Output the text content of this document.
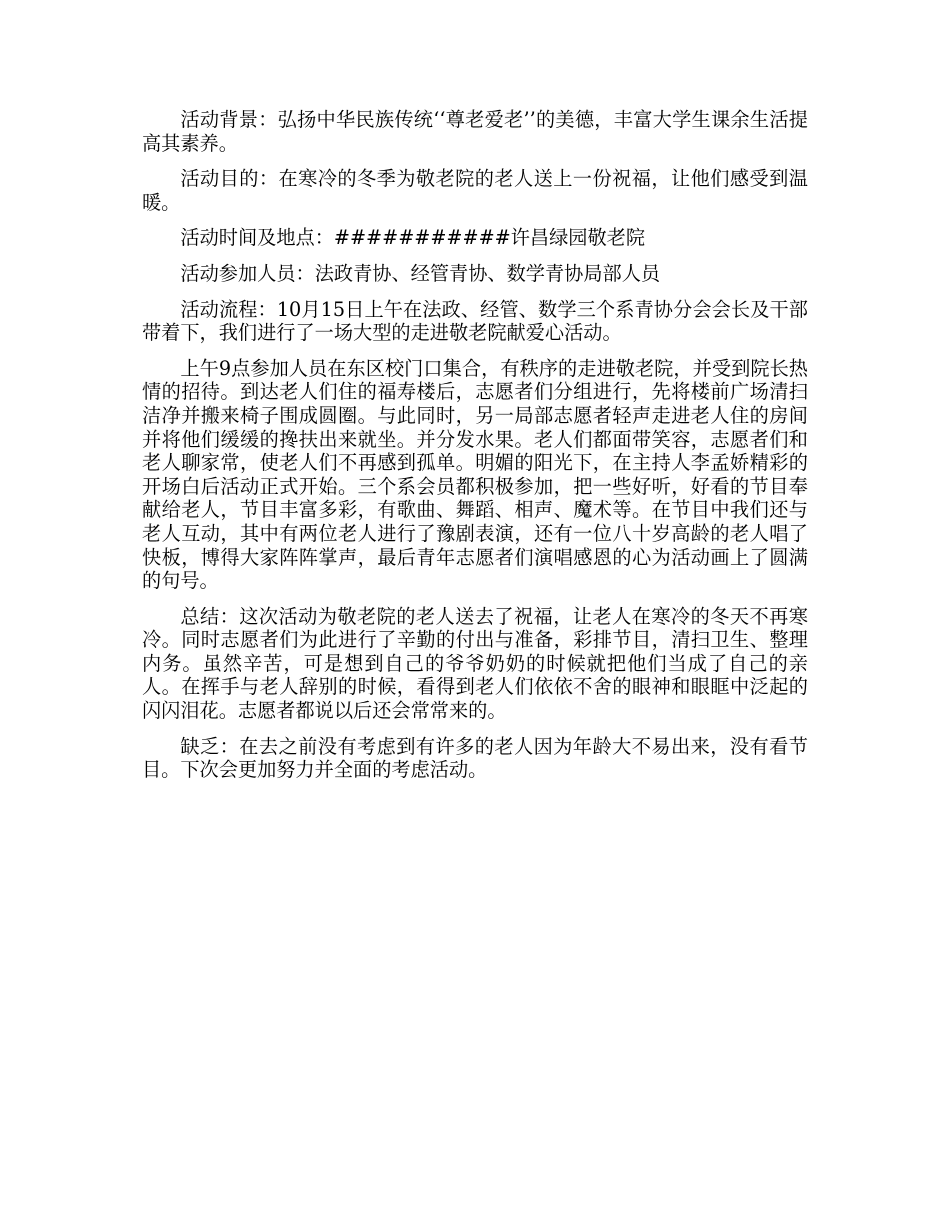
活动背景：弘扬中华民族传统‘‘尊老爱老’’的美德，丰富大学生课余生活提高其素养。

活动目的：在寒冷的冬季为敬老院的老人送上一份祝福，让他们感受到温暖。

活动时间及地点：###########许昌绿园敬老院

活动参加人员：法政青协、经管青协、数学青协局部人员

活动流程：10月15日上午在法政、经管、数学三个系青协分会会长及干部带着下，我们进行了一场大型的走进敬老院献爱心活动。

上午9点参加人员在东区校门口集合，有秩序的走进敬老院，并受到院长热情的招待。到达老人们住的福寿楼后，志愿者们分组进行，先将楼前广场清扫洁净并搬来椅子围成圆圈。与此同时，另一局部志愿者轻声走进老人住的房间并将他们缓缓的搀扶出来就坐。并分发水果。老人们都面带笑容，志愿者们和老人聊家常，使老人们不再感到孤单。明媚的阳光下，在主持人李孟娇精彩的开场白后活动正式开始。三个系会员都积极参加，把一些好听，好看的节目奉献给老人，节目丰富多彩，有歌曲、舞蹈、相声、魔术等。在节目中我们还与老人互动，其中有两位老人进行了豫剧表演，还有一位八十岁高龄的老人唱了快板，博得大家阵阵掌声，最后青年志愿者们演唱感恩的心为活动画上了圆满的句号。

总结：这次活动为敬老院的老人送去了祝福，让老人在寒冷的冬天不再寒冷。同时志愿者们为此进行了辛勤的付出与准备，彩排节目，清扫卫生、整理内务。虽然辛苦，可是想到自己的爷爷奶奶的时候就把他们当成了自己的亲人。在挥手与老人辞别的时候，看得到老人们依依不舍的眼神和眼眶中泛起的闪闪泪花。志愿者都说以后还会常常来的。

缺乏：在去之前没有考虑到有许多的老人因为年龄大不易出来，没有看节目。下次会更加努力并全面的考虑活动。
